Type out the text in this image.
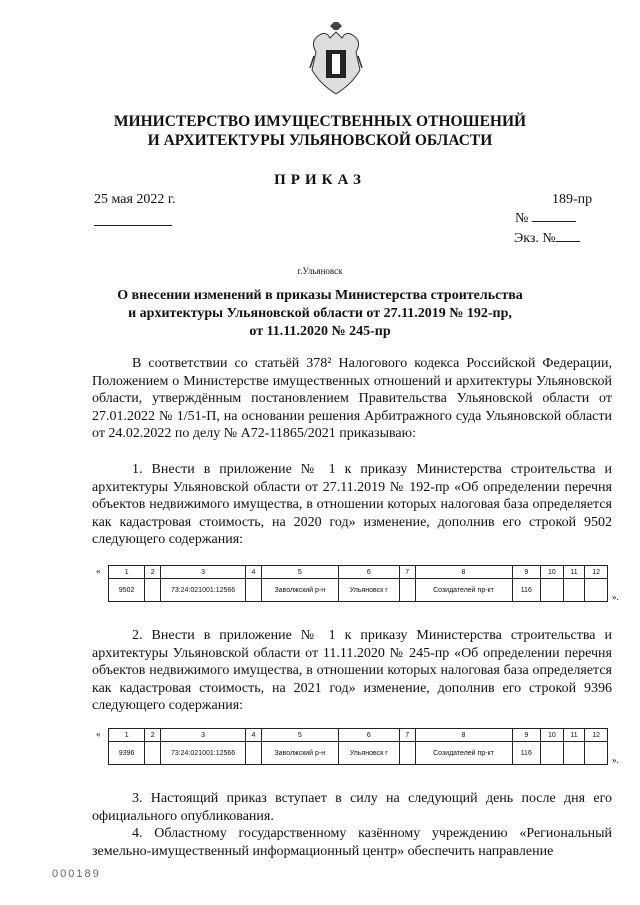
МИНИСТЕРСТВО ИМУЩЕСТВЕННЫХ ОТНОШЕНИЙ
И АРХИТЕКТУРЫ УЛЬЯНОВСКОЙ ОБЛАСТИ
ПРИКАЗ
25 мая 2022 г.	189-пр
№
Экз. №
г.Ульяновск
О внесении изменений в приказы Министерства строительства
и архитектуры Ульяновской области от 27.11.2019 № 192-пр,
от 11.11.2020 № 245-пр
В соответствии со статьёй 378² Налогового кодекса Российской Федерации, Положением о Министерстве имущественных отношений и архитектуры Ульяновской области, утверждённым постановлением Правительства Ульяновской области от 27.01.2022 № 1/51-П, на основании решения Арбитражного суда Ульяновской области от 24.02.2022 по делу № А72-11865/2021 приказываю:
1. Внести в приложение № 1 к приказу Министерства строительства и архитектуры Ульяновской области от 27.11.2019 № 192-пр «Об определении перечня объектов недвижимого имущества, в отношении которых налоговая база определяется как кадастровая стоимость, на 2020 год» изменение, дополнив его строкой 9502 следующего содержания:
«	1	2	3	4	5	6	7	8	9	10	11	12
9502		73:24:021001:12566		Заволжский р-н	Ульяновск г		Созидателей пр-кт	116			
».
2. Внести в приложение № 1 к приказу Министерства строительства и архитектуры Ульяновской области от 11.11.2020 № 245-пр «Об определении перечня объектов недвижимого имущества, в отношении которых налоговая база определяется как кадастровая стоимость, на 2021 год» изменение, дополнив его строкой 9396 следующего содержания:
«	1	2	3	4	5	6	7	8	9	10	11	12
9396		73:24:021001:12566		Заволжский р-н	Ульяновск г		Созидателей пр-кт	116			
».
3. Настоящий приказ вступает в силу на следующий день после дня его официального опубликования.
4. Областному государственному казённому учреждению «Региональный земельно-имущественный информационный центр» обеспечить направление
000189
